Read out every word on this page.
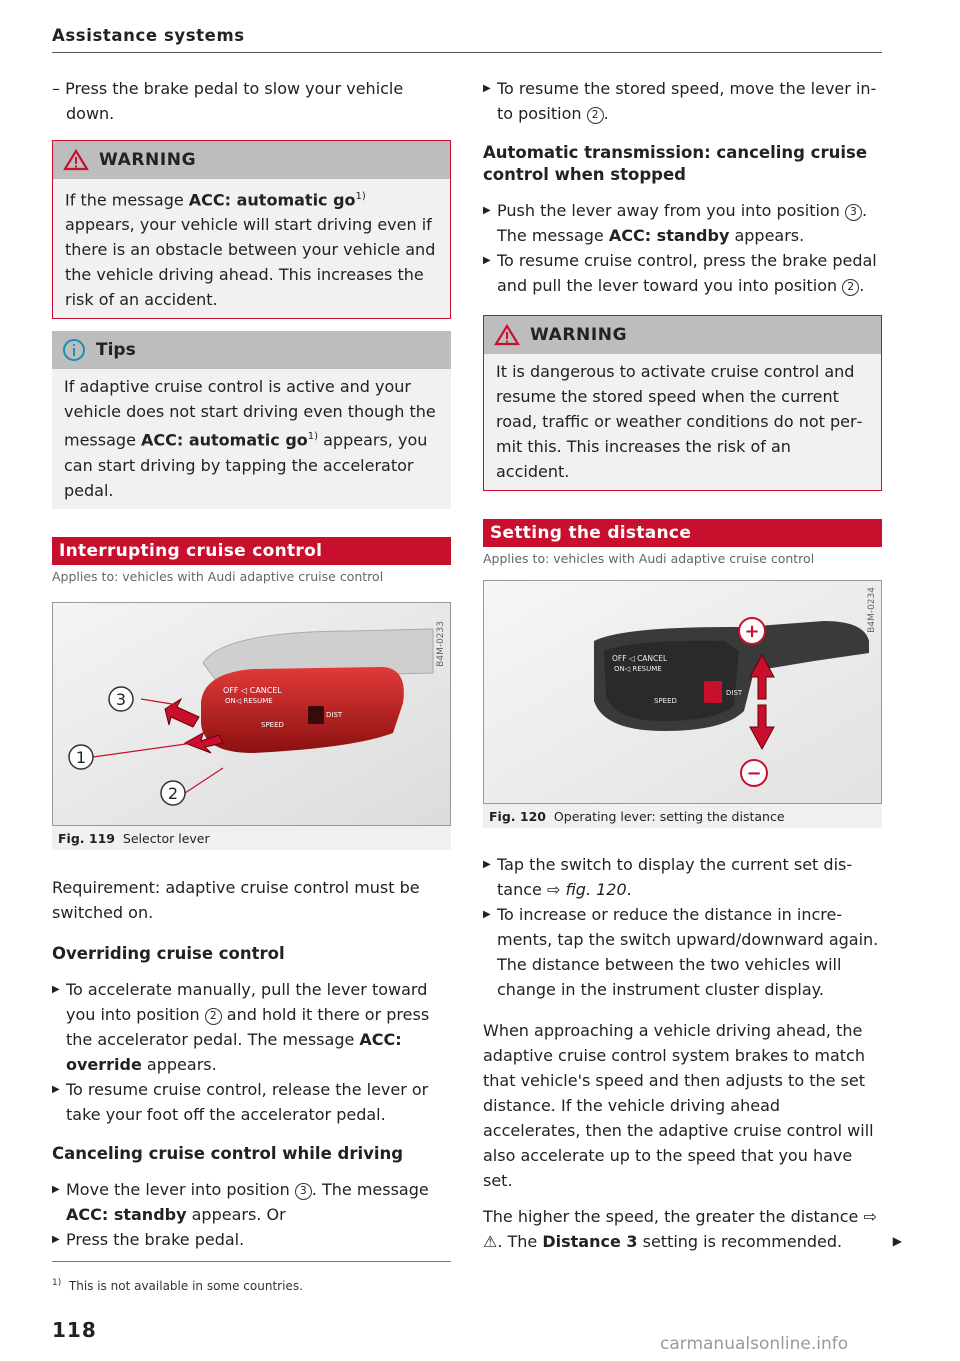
Assistance systems

– Press the brake pedal to slow your vehicle down.

WARNING
If the message ACC: automatic $go^{1)}$ appears, your vehicle will start driving even if there is an obstacle between your vehicle and the vehicle driving ahead. This increases the risk of an accident.
Tips
If adaptive cruise control is active and your vehicle does not start driving even though the message ACC: automatic $go^{1)}$ appears, you can start driving by tapping the accelerator pedal.
Interrupting cruise control
Applies to: vehicles with Audi adaptive cruise control
OFF ◁ CANCEL
ON◁ RESUME
SPEED
DIST
3
1
2
B4M-0233
Fig. 119 Selector lever

Requirement: adaptive cruise control must be switched on.

Overriding cruise control

▶ To accelerate manually, pull the lever toward you into position 2 and hold it there or press the accelerator pedal. The message ACC: override appears.
▶ To resume cruise control, release the lever or take your foot off the accelerator pedal.

Canceling cruise control while driving

▶ Move the lever into position 3 . The message ACC: standby appears. Or
▶ Press the brake pedal.
▶ To resume the stored speed, move the lever into position 2 .

Automatic transmission: canceling cruise control when stopped

▶ Push the lever away from you into position 3 . The message ACC: standby appears.
▶ To resume cruise control, press the brake pedal and pull the lever toward you into position 2 .
WARNING
It is dangerous to activate cruise control and resume the stored speed when the current road, traffic or weather conditions do not permit this. This increases the risk of an accident.
Setting the distance
Applies to: vehicles with Audi adaptive cruise control
OFF ◁ CANCEL
ON◁ RESUME
SPEED
DIST
+
−
B4M-0234
Fig. 120 Operating lever: setting the distance
▶ Tap the switch to display the current set distance ⇨ fig. 120.
▶ To increase or reduce the distance in increments, tap the switch upward/downward again. The distance between the two vehicles will change in the instrument cluster display.

When approaching a vehicle driving ahead, the adaptive cruise control system brakes to match that vehicle's speed and then adjusts to the set distance. If the vehicle driving ahead accelerates, then the adaptive cruise control will also accelerate up to the speed that you have set.

The higher the speed, the greater the distance ⇨ ⚠. The Distance 3 setting is recommended.	▶

$^{1)}$ This is not available in some countries.
118
carmanualsonline.info
